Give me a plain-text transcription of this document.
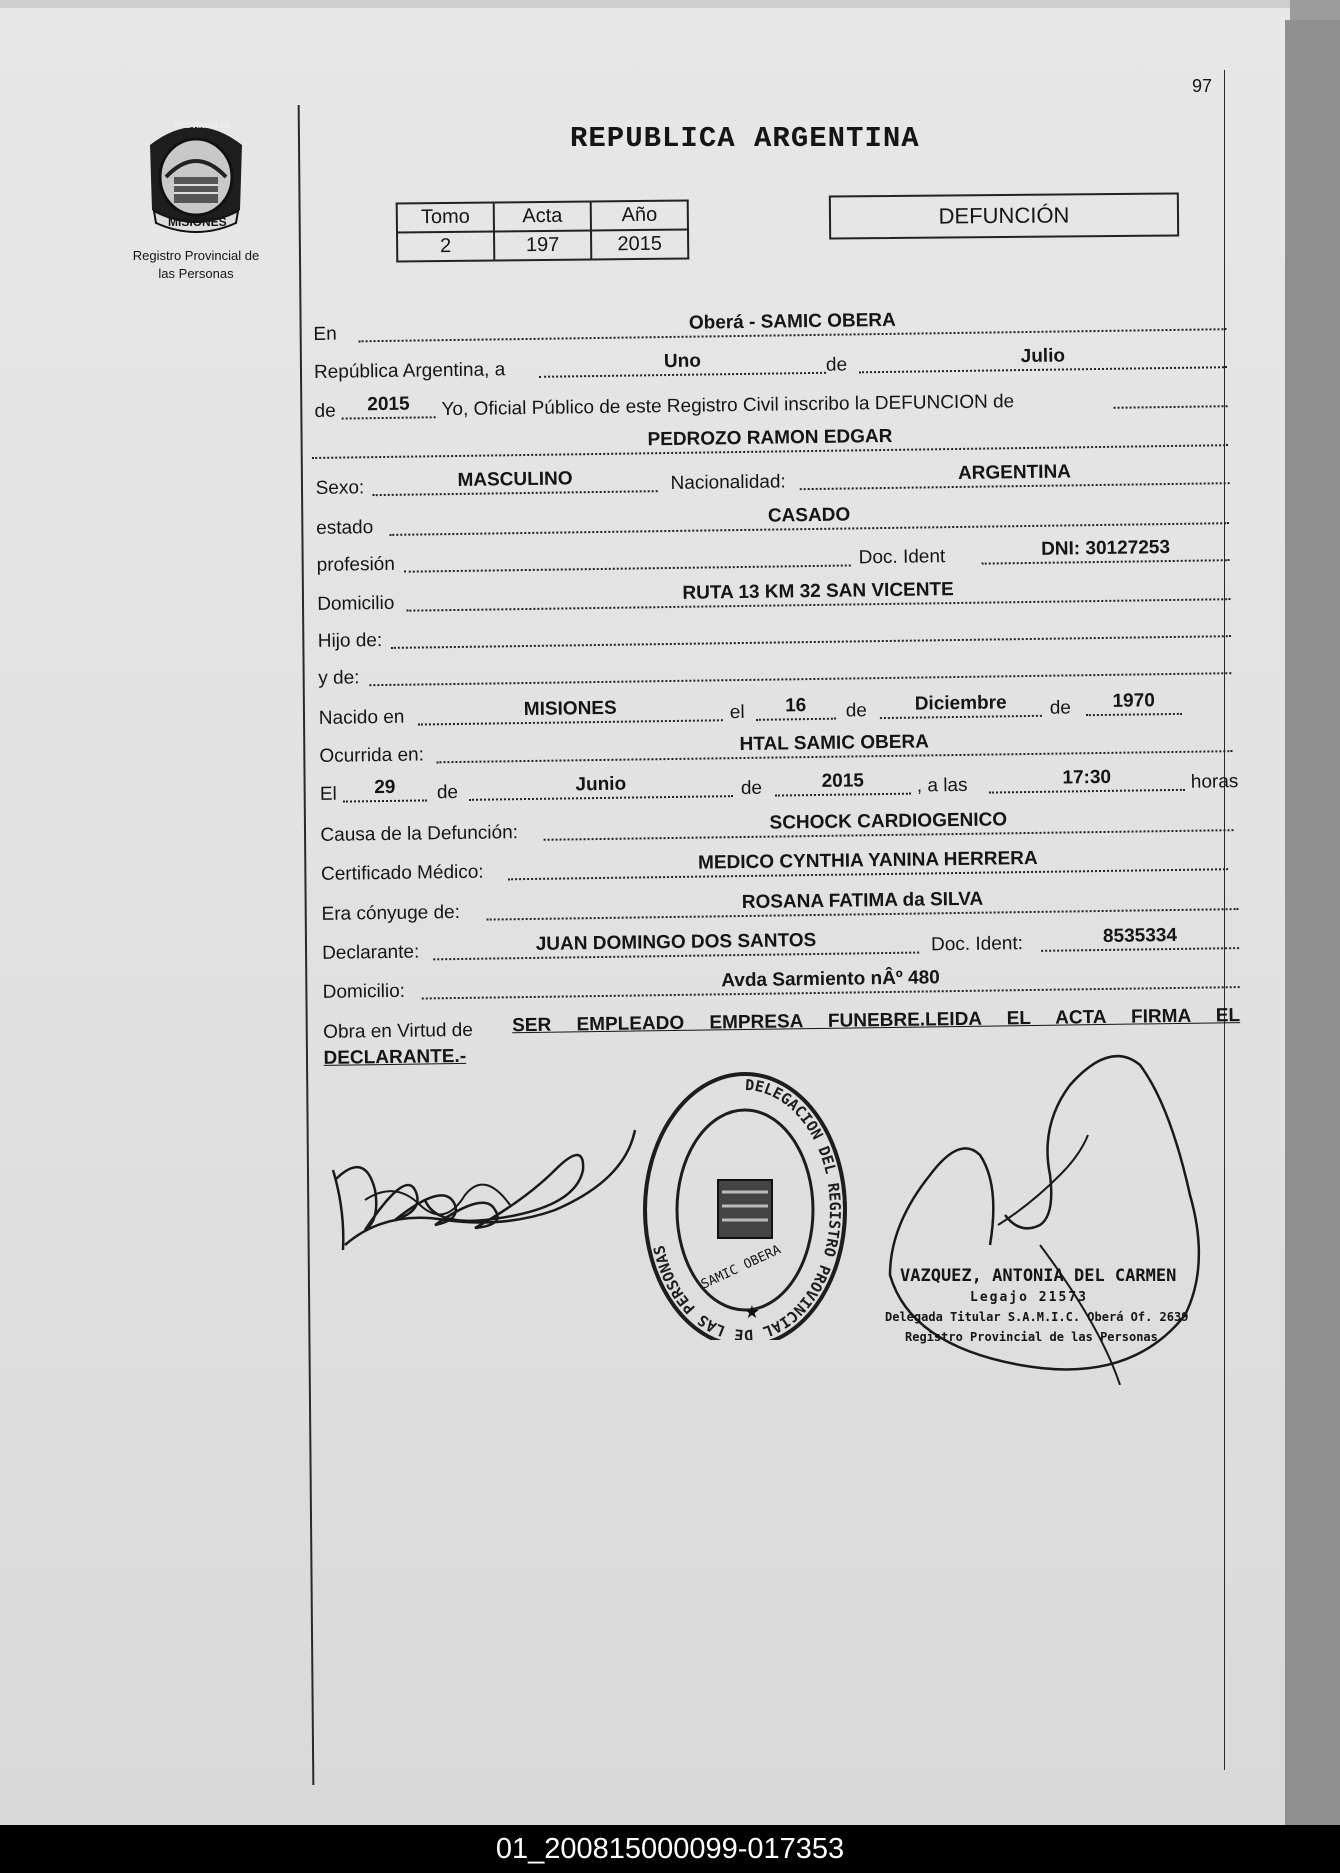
97
REPUBLICA ARGENTINA
PROVINCIA DE
MISIONES
Registro Provincial de
las Personas
Tomo	Acta	Año
2	197	2015
DEFUNCIÓN
En
Oberá - SAMIC OBERA
República Argentina, a	Uno	de	Julio
de	2015	Yo, Oficial Público de este Registro Civil inscribo la DEFUNCION de
PEDROZO RAMON EDGAR
Sexo:	MASCULINO	Nacionalidad:	ARGENTINA
estado
CASADO
profesión	Doc. Ident	DNI: 30127253
Domicilio
RUTA 13 KM 32 SAN VICENTE
Hijo de:
y de:
Nacido en	MISIONES	el	16	de	Diciembre	de	1970
Ocurrida en:
HTAL SAMIC OBERA
El	29	de	Junio	de	2015	, a las	17:30	horas
Causa de la Defunción:
SCHOCK CARDIOGENICO
Certificado Médico:	MEDICO CYNTHIA YANINA HERRERA
Era cónyuge de:
ROSANA FATIMA da SILVA
Declarante:	JUAN DOMINGO DOS SANTOS	Doc. Ident:	8535334
Domicilio:
Avda Sarmiento nÂº 480
Obra en Virtud de SER EMPLEADO EMPRESA FUNEBRE.LEIDA EL ACTA FIRMA EL
DECLARANTE.-
DELEGACION DEL REGISTRO PROVINCIAL DE LAS PERSONAS
★
SAMIC OBERA	VAZQUEZ, ANTONIA DEL CARMEN
Legajo 21573
Delegada Titular S.A.M.I.C. Oberá Of. 2639
Registro Provincial de las Personas
01_200815000099-017353
